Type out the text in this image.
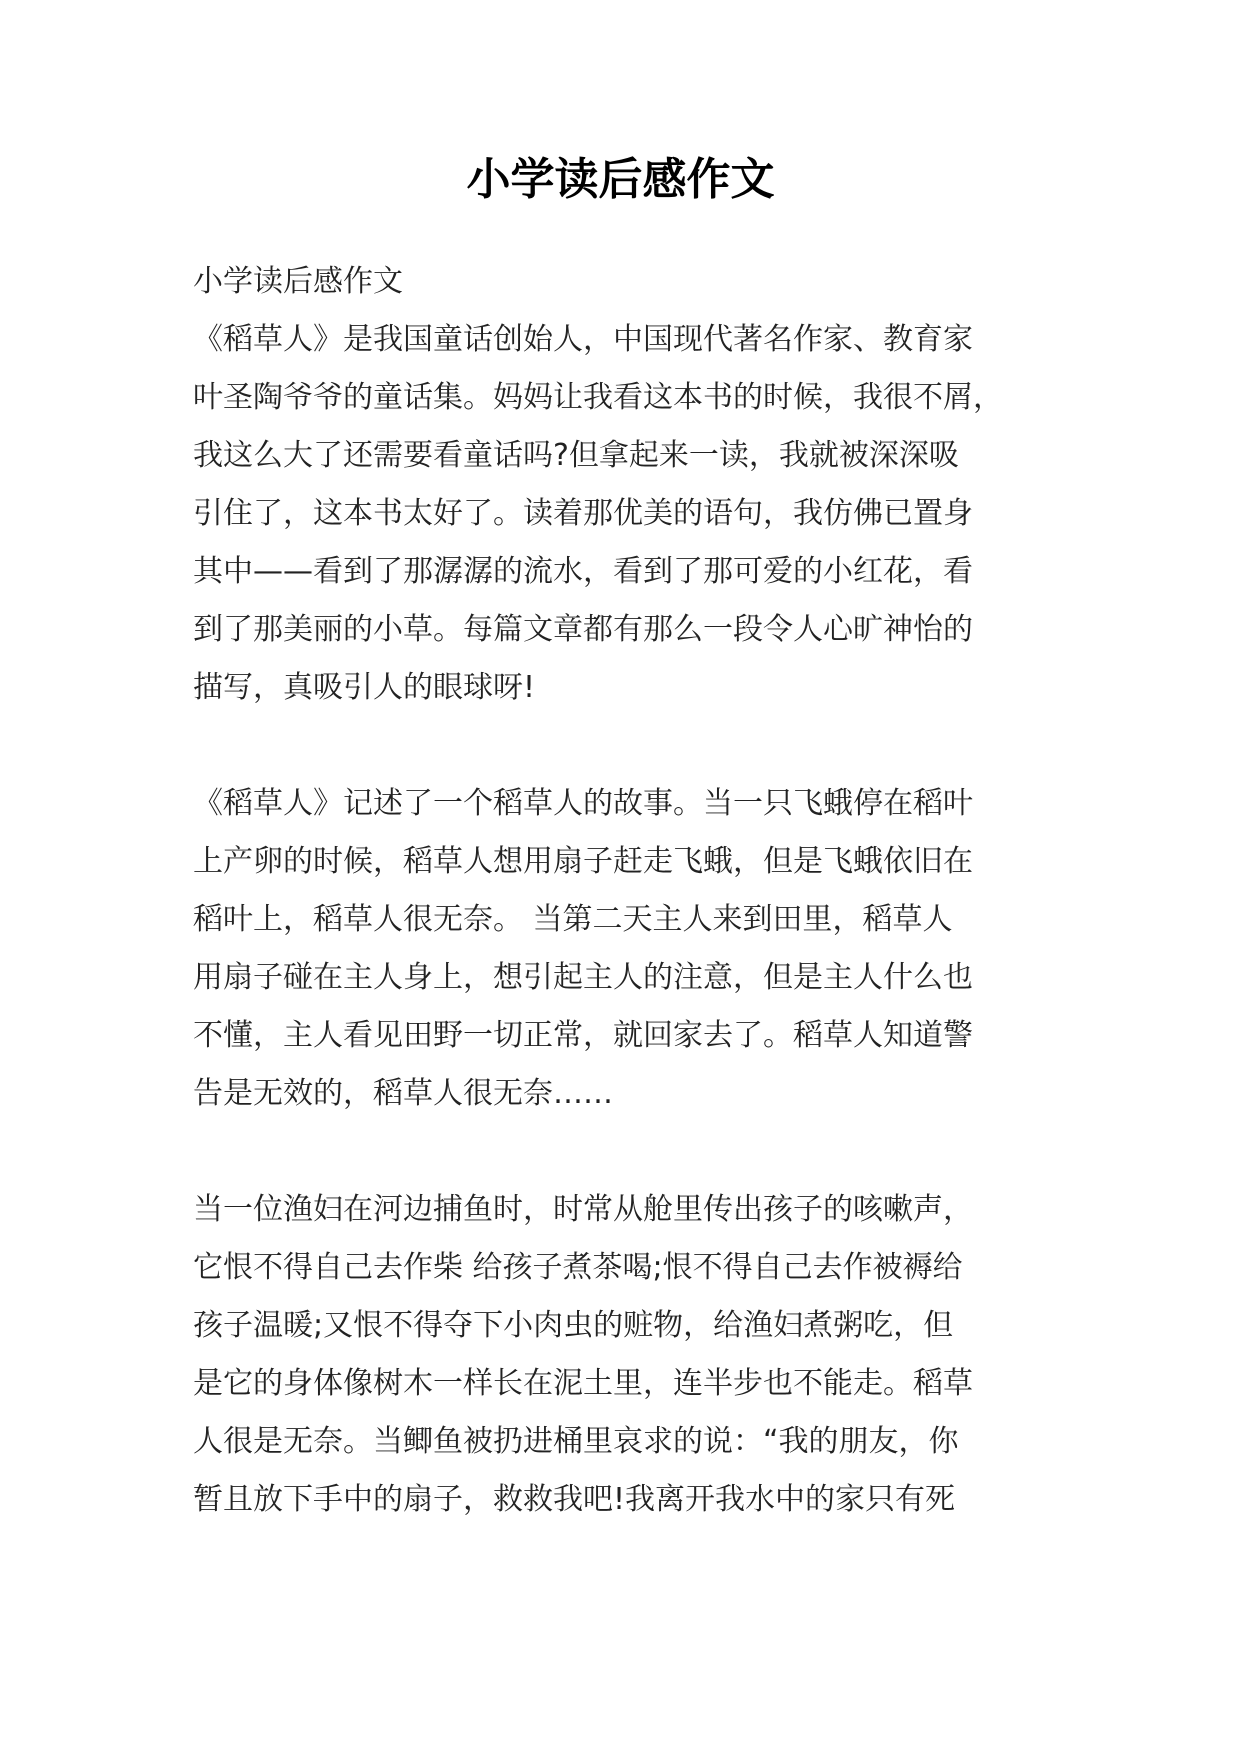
小学读后感作文
小学读后感作文
《稻草人》是我国童话创始人，中国现代著名作家、教育家
叶圣陶爷爷的童话集。妈妈让我看这本书的时候，我很不屑，
我这么大了还需要看童话吗?但拿起来一读，我就被深深吸
引住了，这本书太好了。读着那优美的语句，我仿佛已置身
其中——看到了那潺潺的流水，看到了那可爱的小红花，看
到了那美丽的小草。每篇文章都有那么一段令人心旷神怡的
描写，真吸引人的眼球呀!
《稻草人》记述了一个稻草人的故事。当一只飞蛾停在稻叶
上产卵的时候，稻草人想用扇子赶走飞蛾，但是飞蛾依旧在
稻叶上，稻草人很无奈。 当第二天主人来到田里，稻草人
用扇子碰在主人身上，想引起主人的注意，但是主人什么也
不懂，主人看见田野一切正常，就回家去了。稻草人知道警
告是无效的，稻草人很无奈……
当一位渔妇在河边捕鱼时，时常从舱里传出孩子的咳嗽声，
它恨不得自己去作柴 给孩子煮茶喝;恨不得自己去作被褥给
孩子温暖;又恨不得夺下小肉虫的赃物，给渔妇煮粥吃，但
是它的身体像树木一样长在泥土里，连半步也不能走。稻草
人很是无奈。当鲫鱼被扔进桶里哀求的说：“我的朋友，你
暂且放下手中的扇子，救救我吧!我离开我水中的家只有死
